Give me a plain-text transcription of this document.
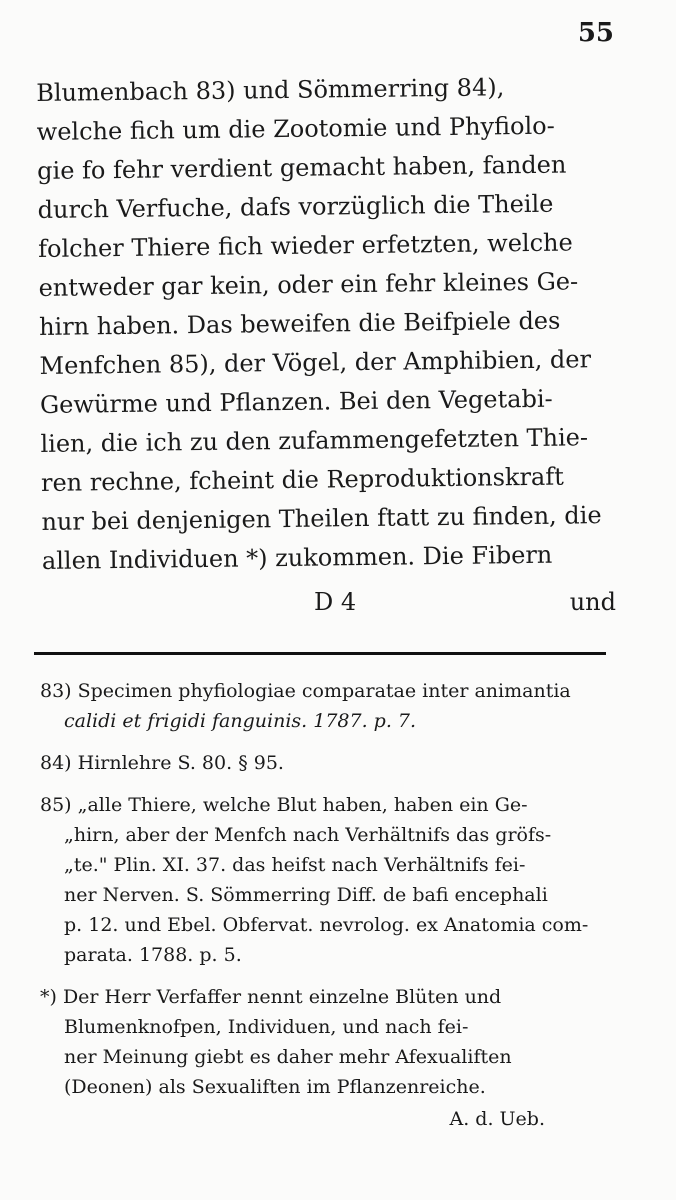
55
Blumenbach 83) und Sömmerring 84),
welche fich um die Zootomie und Phyfiolo-
gie fo fehr verdient gemacht haben, fanden
durch Verfuche, dafs vorzüglich die Theile
folcher Thiere fich wieder erfetzten, welche
entweder gar kein, oder ein fehr kleines Ge-
hirn haben. Das beweifen die Beifpiele des
Menfchen 85), der Vögel, der Amphibien, der
Gewürme und Pflanzen. Bei den Vegetabi-
lien, die ich zu den zufammengefetzten Thie-
ren rechne, fcheint die Reproduktionskraft
nur bei denjenigen Theilen ftatt zu finden, die
allen Individuen *) zukommen. Die Fibern
D 4	und
83) Specimen phyfiologiae comparatae inter animantia
calidi et frigidi fanguinis. 1787. p. 7.
84) Hirnlehre S. 80. § 95.
85) „alle Thiere, welche Blut haben, haben ein Ge-
„hirn, aber der Menfch nach Verhältnifs das gröfs-
„te." Plin. XI. 37. das heifst nach Verhältnifs fei-
ner Nerven. S. Sömmerring Diff. de bafi encephali
p. 12. und Ebel. Obfervat. nevrolog. ex Anatomia com-
parata. 1788. p. 5.
*) Der Herr Verfaffer nennt einzelne Blüten und
Blumenknofpen, Individuen, und nach fei-
ner Meinung giebt es daher mehr Afexualiften
(Deonen) als Sexualiften im Pflanzenreiche.
A. d. Ueb.
